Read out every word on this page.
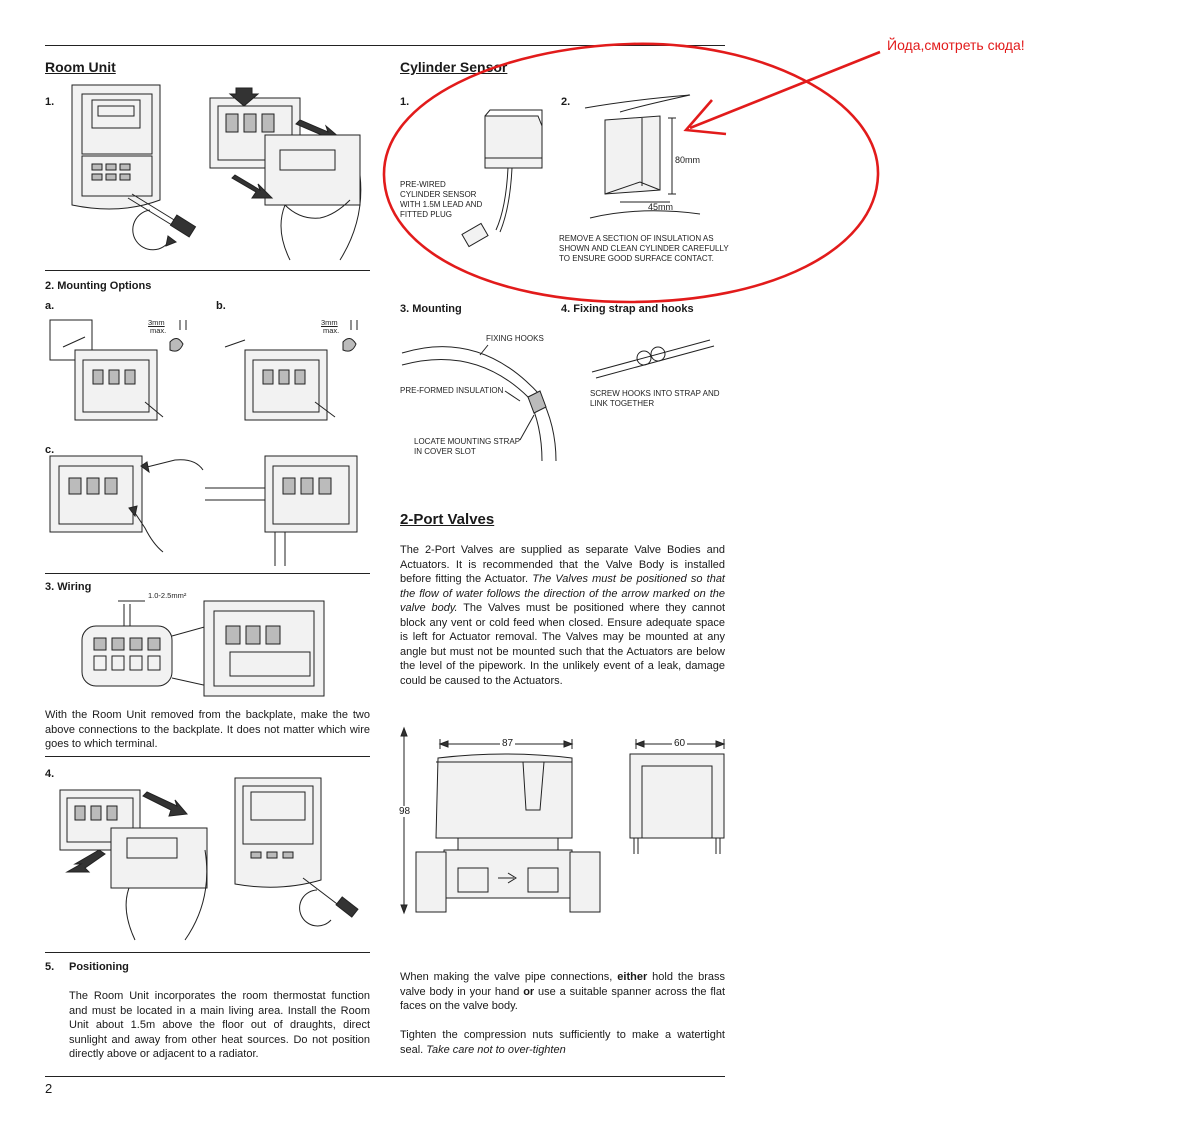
Room Unit
1.
2. Mounting Options
a.	b.
3mm
max.
3mm
max.
c.
3. Wiring
1.0-2.5mm²
With the Room Unit removed from the backplate, make the two above connections to the backplate. It does not matter which wire goes to which terminal.
4.
5. Positioning
The Room Unit incorporates the room thermostat function and must be located in a main living area. Install the Room Unit about 1.5m above the floor out of draughts, direct sunlight and away from other heat sources. Do not position directly above or adjacent to a radiator.
2
Cylinder Sensor
1.	2.
PRE-WIRED
CYLINDER SENSOR
WITH 1.5M LEAD AND
FITTED PLUG
80mm
45mm
REMOVE A SECTION OF INSULATION AS
SHOWN AND CLEAN CYLINDER CAREFULLY
TO ENSURE GOOD SURFACE CONTACT.
3. Mounting	4. Fixing strap and hooks
FIXING HOOKS
PRE-FORMED INSULATION
LOCATE MOUNTING STRAP
IN COVER SLOT
SCREW HOOKS INTO STRAP AND
LINK TOGETHER
2-Port Valves
The 2-Port Valves are supplied as separate Valve Bodies and Actuators. It is recommended that the Valve Body is installed before fitting the Actuator. The Valves must be positioned so that the flow of water follows the direction of the arrow marked on the valve body. The Valves must be positioned where they cannot block any vent or cold feed when closed. Ensure adequate space is left for Actuator removal. The Valves may be mounted at any angle but must not be mounted such that the Actuators are below the level of the pipework. In the unlikely event of a leak, damage could be caused to the Actuators.
87	60
98
When making the valve pipe connections, either hold the brass valve body in your hand or use a suitable spanner across the flat faces on the valve body.
Tighten the compression nuts sufficiently to make a watertight seal. Take care not to over-tighten
Йода,смотреть сюда!
